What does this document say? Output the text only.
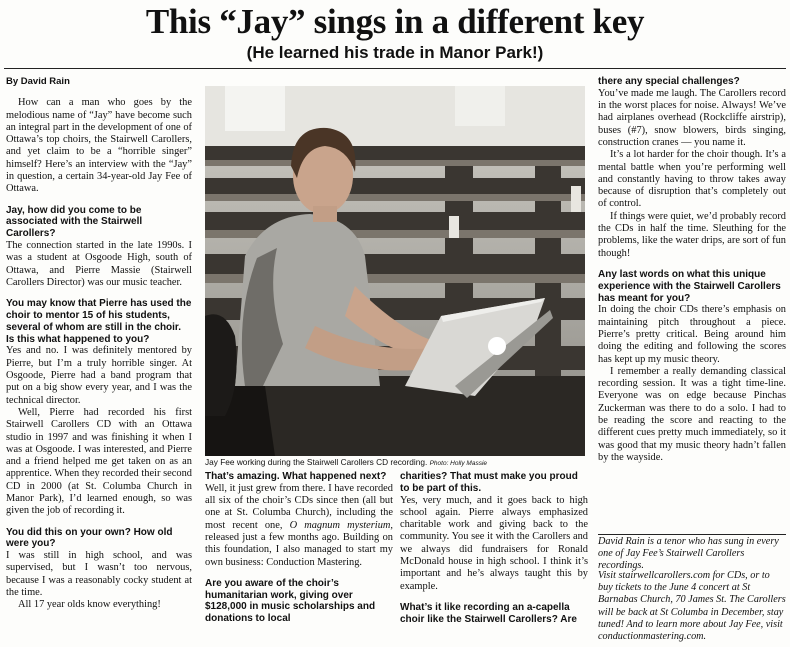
This “Jay” sings in a different key
(He learned his trade in Manor Park!)
By David Rain

How can a man who goes by the melodious name of “Jay” have become such an integral part in the development of one of Ottawa’s top choirs, the Stairwell Carollers, and yet claim to be a “horrible singer” himself? Here’s an interview with the “Jay” in question, a certain 34-year-old Jay Fee of Ottawa.

Jay, how did you come to be associated with the Stairwell Carollers?

The connection started in the late 1990s. I was a student at Osgoode High, south of Ottawa, and Pierre Massie (Stairwell Carollers Director) was our music teacher.

You may know that Pierre has used the choir to mentor 15 of his students, several of whom are still in the choir. Is this what happened to you?

Yes and no. I was definitely mentored by Pierre, but I’m a truly horrible singer. At Osgoode, Pierre had a band program that put on a big show every year, and I was the technical director.

Well, Pierre had recorded his first Stairwell Carollers CD with an Ottawa studio in 1997 and was finishing it when I was at Osgoode. I was interested, and Pierre and a friend helped me get taken on as an apprentice. When they recorded their second CD in 2000 (at St. Columba Church in Manor Park), I’d learned enough, so was given the job of recording it.

You did this on your own? How old were you?

I was still in high school, and was supervised, but I wasn’t too nervous, because I was a reasonably cocky student at the time.

All 17 year olds know everything!

Jay Fee working during the Stairwell Carollers CD recording. Photo: Holly Massie
That’s amazing. What happened next?

Well, it just grew from there. I have recorded all six of the choir’s CDs since then (all but one at St. Columba Church), including the most recent one, O magnum mysterium, released just a few months ago. Building on this foundation, I also managed to start my own business: Conduction Mastering.

Are you aware of the choir’s humanitarian work, giving over $128,000 in music scholarships and donations to local
charities? That must make you proud to be part of this.

Yes, very much, and it goes back to high school again. Pierre always emphasized charitable work and giving back to the community. You see it with the Carollers and we always did fundraisers for Ronald McDonald house in high school. I think it’s important and he’s always taught this by example.

What’s it like recording an a-capella choir like the Stairwell Carollers? Are
there any special challenges?

You’ve made me laugh. The Carollers record in the worst places for noise. Always! We’ve had airplanes overhead (Rockcliffe airstrip), buses (#7), snow blowers, birds singing, construction cranes — you name it.

It’s a lot harder for the choir though. It’s a mental battle when you’re performing well and constantly having to throw takes away because of disruption that’s completely out of control.

If things were quiet, we’d probably record the CDs in half the time. Sleuthing for the problems, like the water drips, are sort of fun though!

Any last words on what this unique experience with the Stairwell Carollers has meant for you?

In doing the choir CDs there’s emphasis on maintaining pitch throughout a piece. Pierre’s pretty critical. Being around him doing the editing and following the scores has kept up my music theory.

I remember a really demanding classical recording session. It was a tight time-line. Everyone was on edge because Pinchas Zuckerman was there to do a solo. I had to be reading the score and reacting to the different cues pretty much immediately, so it was good that my music theory hadn’t fallen by the wayside.

David Rain is a tenor who has sung in every one of Jay Fee’s Stairwell Carollers recordings.
Visit stairwellcarollers.com for CDs, or to buy tickets to the June 4 concert at St Barnabas Church, 70 James St. The Carollers will be back at St Columba in December, stay tuned! And to learn more about Jay Fee, visit conductionmastering.com.
